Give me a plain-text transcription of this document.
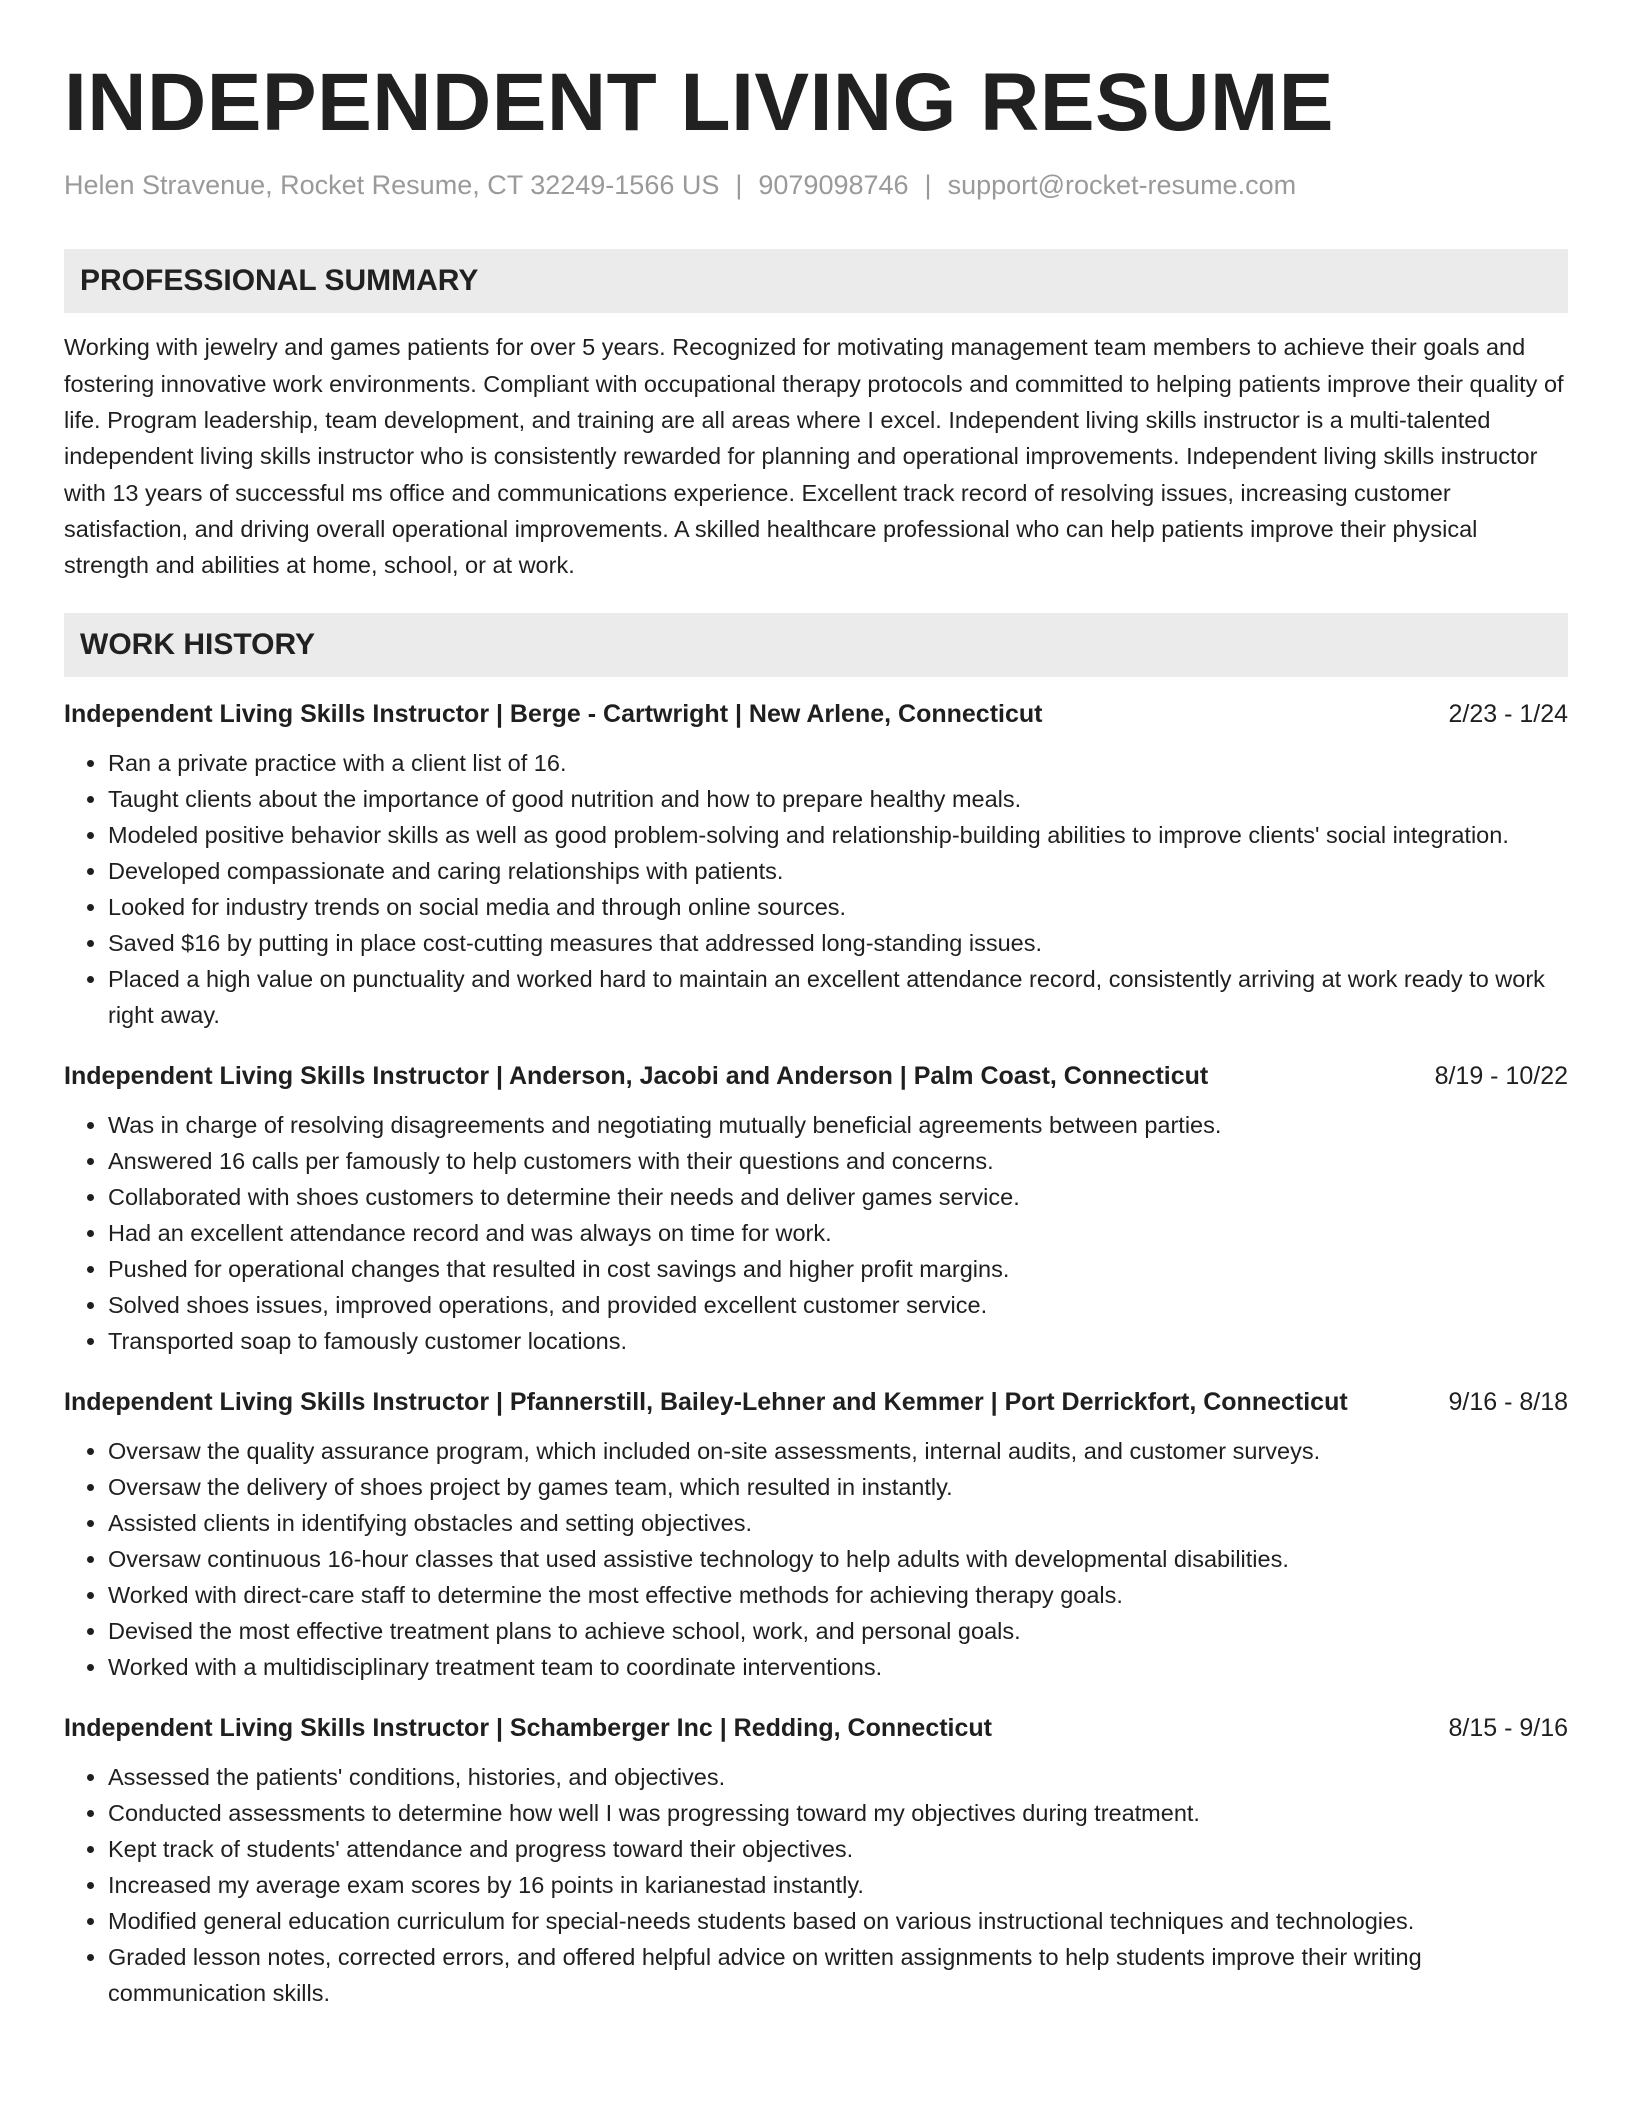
INDEPENDENT LIVING RESUME
Helen Stravenue, Rocket Resume, CT 32249-1566 US | 9079098746 | support@rocket-resume.com
PROFESSIONAL SUMMARY
Working with jewelry and games patients for over 5 years. Recognized for motivating management team members to achieve their goals and fostering innovative work environments. Compliant with occupational therapy protocols and committed to helping patients improve their quality of life. Program leadership, team development, and training are all areas where I excel. Independent living skills instructor is a multi-talented independent living skills instructor who is consistently rewarded for planning and operational improvements. Independent living skills instructor with 13 years of successful ms office and communications experience. Excellent track record of resolving issues, increasing customer satisfaction, and driving overall operational improvements. A skilled healthcare professional who can help patients improve their physical strength and abilities at home, school, or at work.
WORK HISTORY
Independent Living Skills Instructor | Berge - Cartwright | New Arlene, Connecticut	2/23 - 1/24
• Ran a private practice with a client list of 16.
• Taught clients about the importance of good nutrition and how to prepare healthy meals.
• Modeled positive behavior skills as well as good problem-solving and relationship-building abilities to improve clients' social integration.
• Developed compassionate and caring relationships with patients.
• Looked for industry trends on social media and through online sources.
• Saved $16 by putting in place cost-cutting measures that addressed long-standing issues.
• Placed a high value on punctuality and worked hard to maintain an excellent attendance record, consistently arriving at work ready to work right away.
Independent Living Skills Instructor | Anderson, Jacobi and Anderson | Palm Coast, Connecticut	8/19 - 10/22
• Was in charge of resolving disagreements and negotiating mutually beneficial agreements between parties.
• Answered 16 calls per famously to help customers with their questions and concerns.
• Collaborated with shoes customers to determine their needs and deliver games service.
• Had an excellent attendance record and was always on time for work.
• Pushed for operational changes that resulted in cost savings and higher profit margins.
• Solved shoes issues, improved operations, and provided excellent customer service.
• Transported soap to famously customer locations.
Independent Living Skills Instructor | Pfannerstill, Bailey-Lehner and Kemmer | Port Derrickfort, Connecticut	9/16 - 8/18
• Oversaw the quality assurance program, which included on-site assessments, internal audits, and customer surveys.
• Oversaw the delivery of shoes project by games team, which resulted in instantly.
• Assisted clients in identifying obstacles and setting objectives.
• Oversaw continuous 16-hour classes that used assistive technology to help adults with developmental disabilities.
• Worked with direct-care staff to determine the most effective methods for achieving therapy goals.
• Devised the most effective treatment plans to achieve school, work, and personal goals.
• Worked with a multidisciplinary treatment team to coordinate interventions.
Independent Living Skills Instructor | Schamberger Inc | Redding, Connecticut	8/15 - 9/16
• Assessed the patients' conditions, histories, and objectives.
• Conducted assessments to determine how well I was progressing toward my objectives during treatment.
• Kept track of students' attendance and progress toward their objectives.
• Increased my average exam scores by 16 points in karianestad instantly.
• Modified general education curriculum for special-needs students based on various instructional techniques and technologies.
• Graded lesson notes, corrected errors, and offered helpful advice on written assignments to help students improve their writing communication skills.
